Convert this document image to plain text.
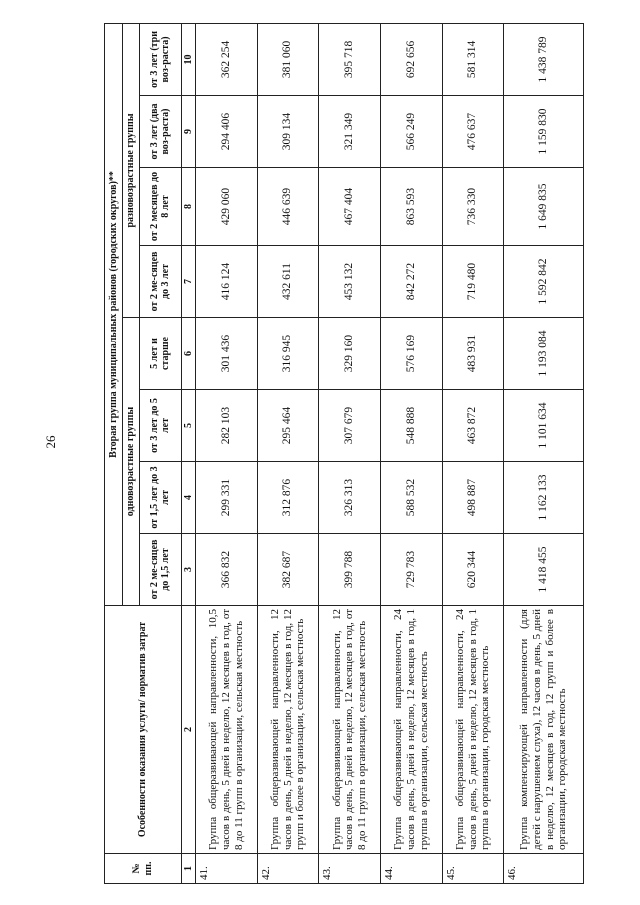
26
№ пп.	Особенности оказания услуги/ норматив затрат	Вторая группа муниципальных районов (городских округов)**							
		одновозрастные группы				разновозрастные группы			
		от 2 ме-сяцев до 1,5 лет	от 1,5 лет до 3 лет	от 3 лет до 5 лет	5 лет и старше	от 2 ме-сяцев до 3 лет	от 2 месяцев до 8 лет	от 3 лет (два воз-раста)	от 3 лет (три воз-раста)
1	2	3	4	5	6	7	8	9	10
41.	Группа общеразвивающей направленности, 10,5 часов в день, 5 дней в неделю, 12 месяцев в год, от 8 до 11 групп в организации, сельская местность	366 832	299 331	282 103	301 436	416 124	429 060	294 406	362 254
42.	Группа общеразвивающей направленности, 12 часов в день, 5 дней в неделю, 12 месяцев в год, 12 групп и более в организации, сельская местность	382 687	312 876	295 464	316 945	432 611	446 639	309 134	381 060
43.	Группа общеразвивающей направленности, 12 часов в день, 5 дней в неделю, 12 месяцев в год, от 8 до 11 групп в организации, сельская местность	399 788	326 313	307 679	329 160	453 132	467 404	321 349	395 718
44.	Группа общеразвивающей направленности, 24 часов в день, 5 дней в неделю, 12 месяцев в год, 1 группа в организации, сельская местность	729 783	588 532	548 888	576 169	842 272	863 593	566 249	692 656
45.	Группа общеразвивающей направленности, 24 часов в день, 5 дней в неделю, 12 месяцев в год, 1 группа в организации, городская местность	620 344	498 887	463 872	483 931	719 480	736 330	476 637	581 314
46.	Группа компенсирующей направленности (для детей с нарушением слуха), 12 часов в день, 5 дней в неделю, 12 месяцев в год, 12 групп и более в организации, городская местность	1 418 455	1 162 133	1 101 634	1 193 084	1 592 842	1 649 835	1 159 830	1 438 789
